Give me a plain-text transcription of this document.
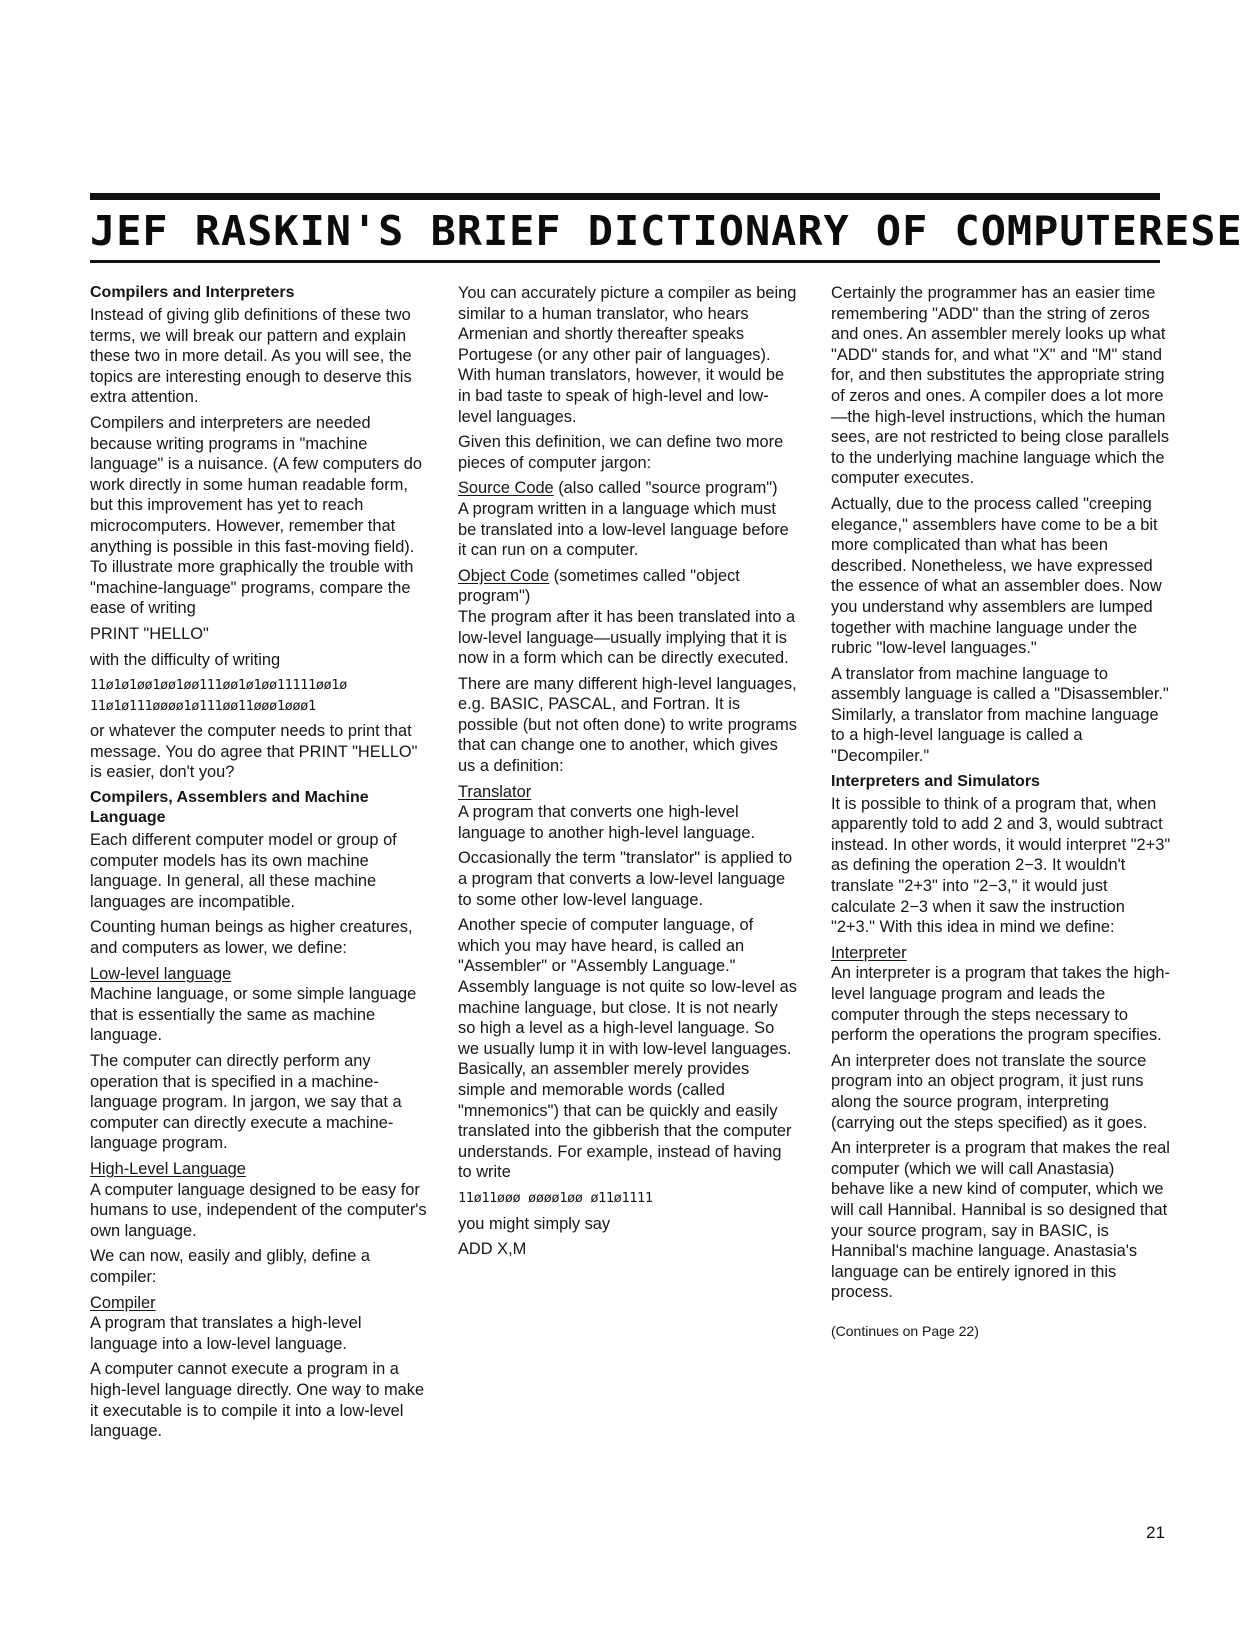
JEF RASKIN'S BRIEF DICTIONARY OF COMPUTERESE
Compilers and Interpreters

Instead of giving glib definitions of these two terms, we will break our pattern and explain these two in more detail. As you will see, the topics are interesting enough to deserve this extra attention.

Compilers and interpreters are needed because writing programs in "machine language" is a nuisance. (A few computers do work directly in some human readable form, but this improvement has yet to reach microcomputers. However, remember that anything is possible in this fast-moving field). To illustrate more graphically the trouble with "machine-language" programs, compare the ease of writing

PRINT "HELLO"

with the difficulty of writing

11ø1ø1øø1øø1øø111øø1ø1øø11111øø1ø

11ø1ø111øøøø1ø111øø11øøø1øøø1

or whatever the computer needs to print that message. You do agree that PRINT "HELLO" is easier, don't you?

Compilers, Assemblers and Machine Language

Each different computer model or group of computer models has its own machine language. In general, all these machine languages are incompatible.

Counting human beings as higher creatures, and computers as lower, we define:

Low-level language

Machine language, or some simple language that is essentially the same as machine language.

The computer can directly perform any operation that is specified in a machine-language program. In jargon, we say that a computer can directly execute a machine-language program.

High-Level Language

A computer language designed to be easy for humans to use, independent of the computer's own language.

We can now, easily and glibly, define a compiler:

Compiler

A program that translates a high-level language into a low-level language.

A computer cannot execute a program in a high-level language directly. One way to make it executable is to compile it into a low-level language.

You can accurately picture a compiler as being similar to a human translator, who hears Armenian and shortly thereafter speaks Portugese (or any other pair of languages). With human translators, however, it would be in bad taste to speak of high-level and low-level languages.

Given this definition, we can define two more pieces of computer jargon:

Source Code (also called "source program")

A program written in a language which must be translated into a low-level language before it can run on a computer.

Object Code (sometimes called "object program")

The program after it has been translated into a low-level language—usually implying that it is now in a form which can be directly executed.

There are many different high-level languages, e.g. BASIC, PASCAL, and Fortran. It is possible (but not often done) to write programs that can change one to another, which gives us a definition:

Translator

A program that converts one high-level language to another high-level language.

Occasionally the term "translator" is applied to a program that converts a low-level language to some other low-level language.

Another specie of computer language, of which you may have heard, is called an "Assembler" or "Assembly Language." Assembly language is not quite so low-level as machine language, but close. It is not nearly so high a level as a high-level language. So we usually lump it in with low-level languages. Basically, an assembler merely provides simple and memorable words (called "mnemonics") that can be quickly and easily translated into the gibberish that the computer understands. For example, instead of having to write

11ø11øøø øøøø1øø ø11ø1111

you might simply say

ADD X,M

Certainly the programmer has an easier time remembering "ADD" than the string of zeros and ones. An assembler merely looks up what "ADD" stands for, and what "X" and "M" stand for, and then substitutes the appropriate string of zeros and ones. A compiler does a lot more—the high-level instructions, which the human sees, are not restricted to being close parallels to the underlying machine language which the computer executes.

Actually, due to the process called "creeping elegance," assemblers have come to be a bit more complicated than what has been described. Nonetheless, we have expressed the essence of what an assembler does. Now you understand why assemblers are lumped together with machine language under the rubric "low-level languages."

A translator from machine language to assembly language is called a "Disassembler." Similarly, a translator from machine language to a high-level language is called a "Decompiler."

Interpreters and Simulators

It is possible to think of a program that, when apparently told to add 2 and 3, would subtract instead. In other words, it would interpret "2+3" as defining the operation 2−3. It wouldn't translate "2+3" into "2−3," it would just calculate 2−3 when it saw the instruction "2+3." With this idea in mind we define:

Interpreter

An interpreter is a program that takes the high-level language program and leads the computer through the steps necessary to perform the operations the program specifies.

An interpreter does not translate the source program into an object program, it just runs along the source program, interpreting (carrying out the steps specified) as it goes.

An interpreter is a program that makes the real computer (which we will call Anastasia) behave like a new kind of computer, which we will call Hannibal. Hannibal is so designed that your source program, say in BASIC, is Hannibal's machine language. Anastasia's language can be entirely ignored in this process.

(Continues on Page 22)

21
